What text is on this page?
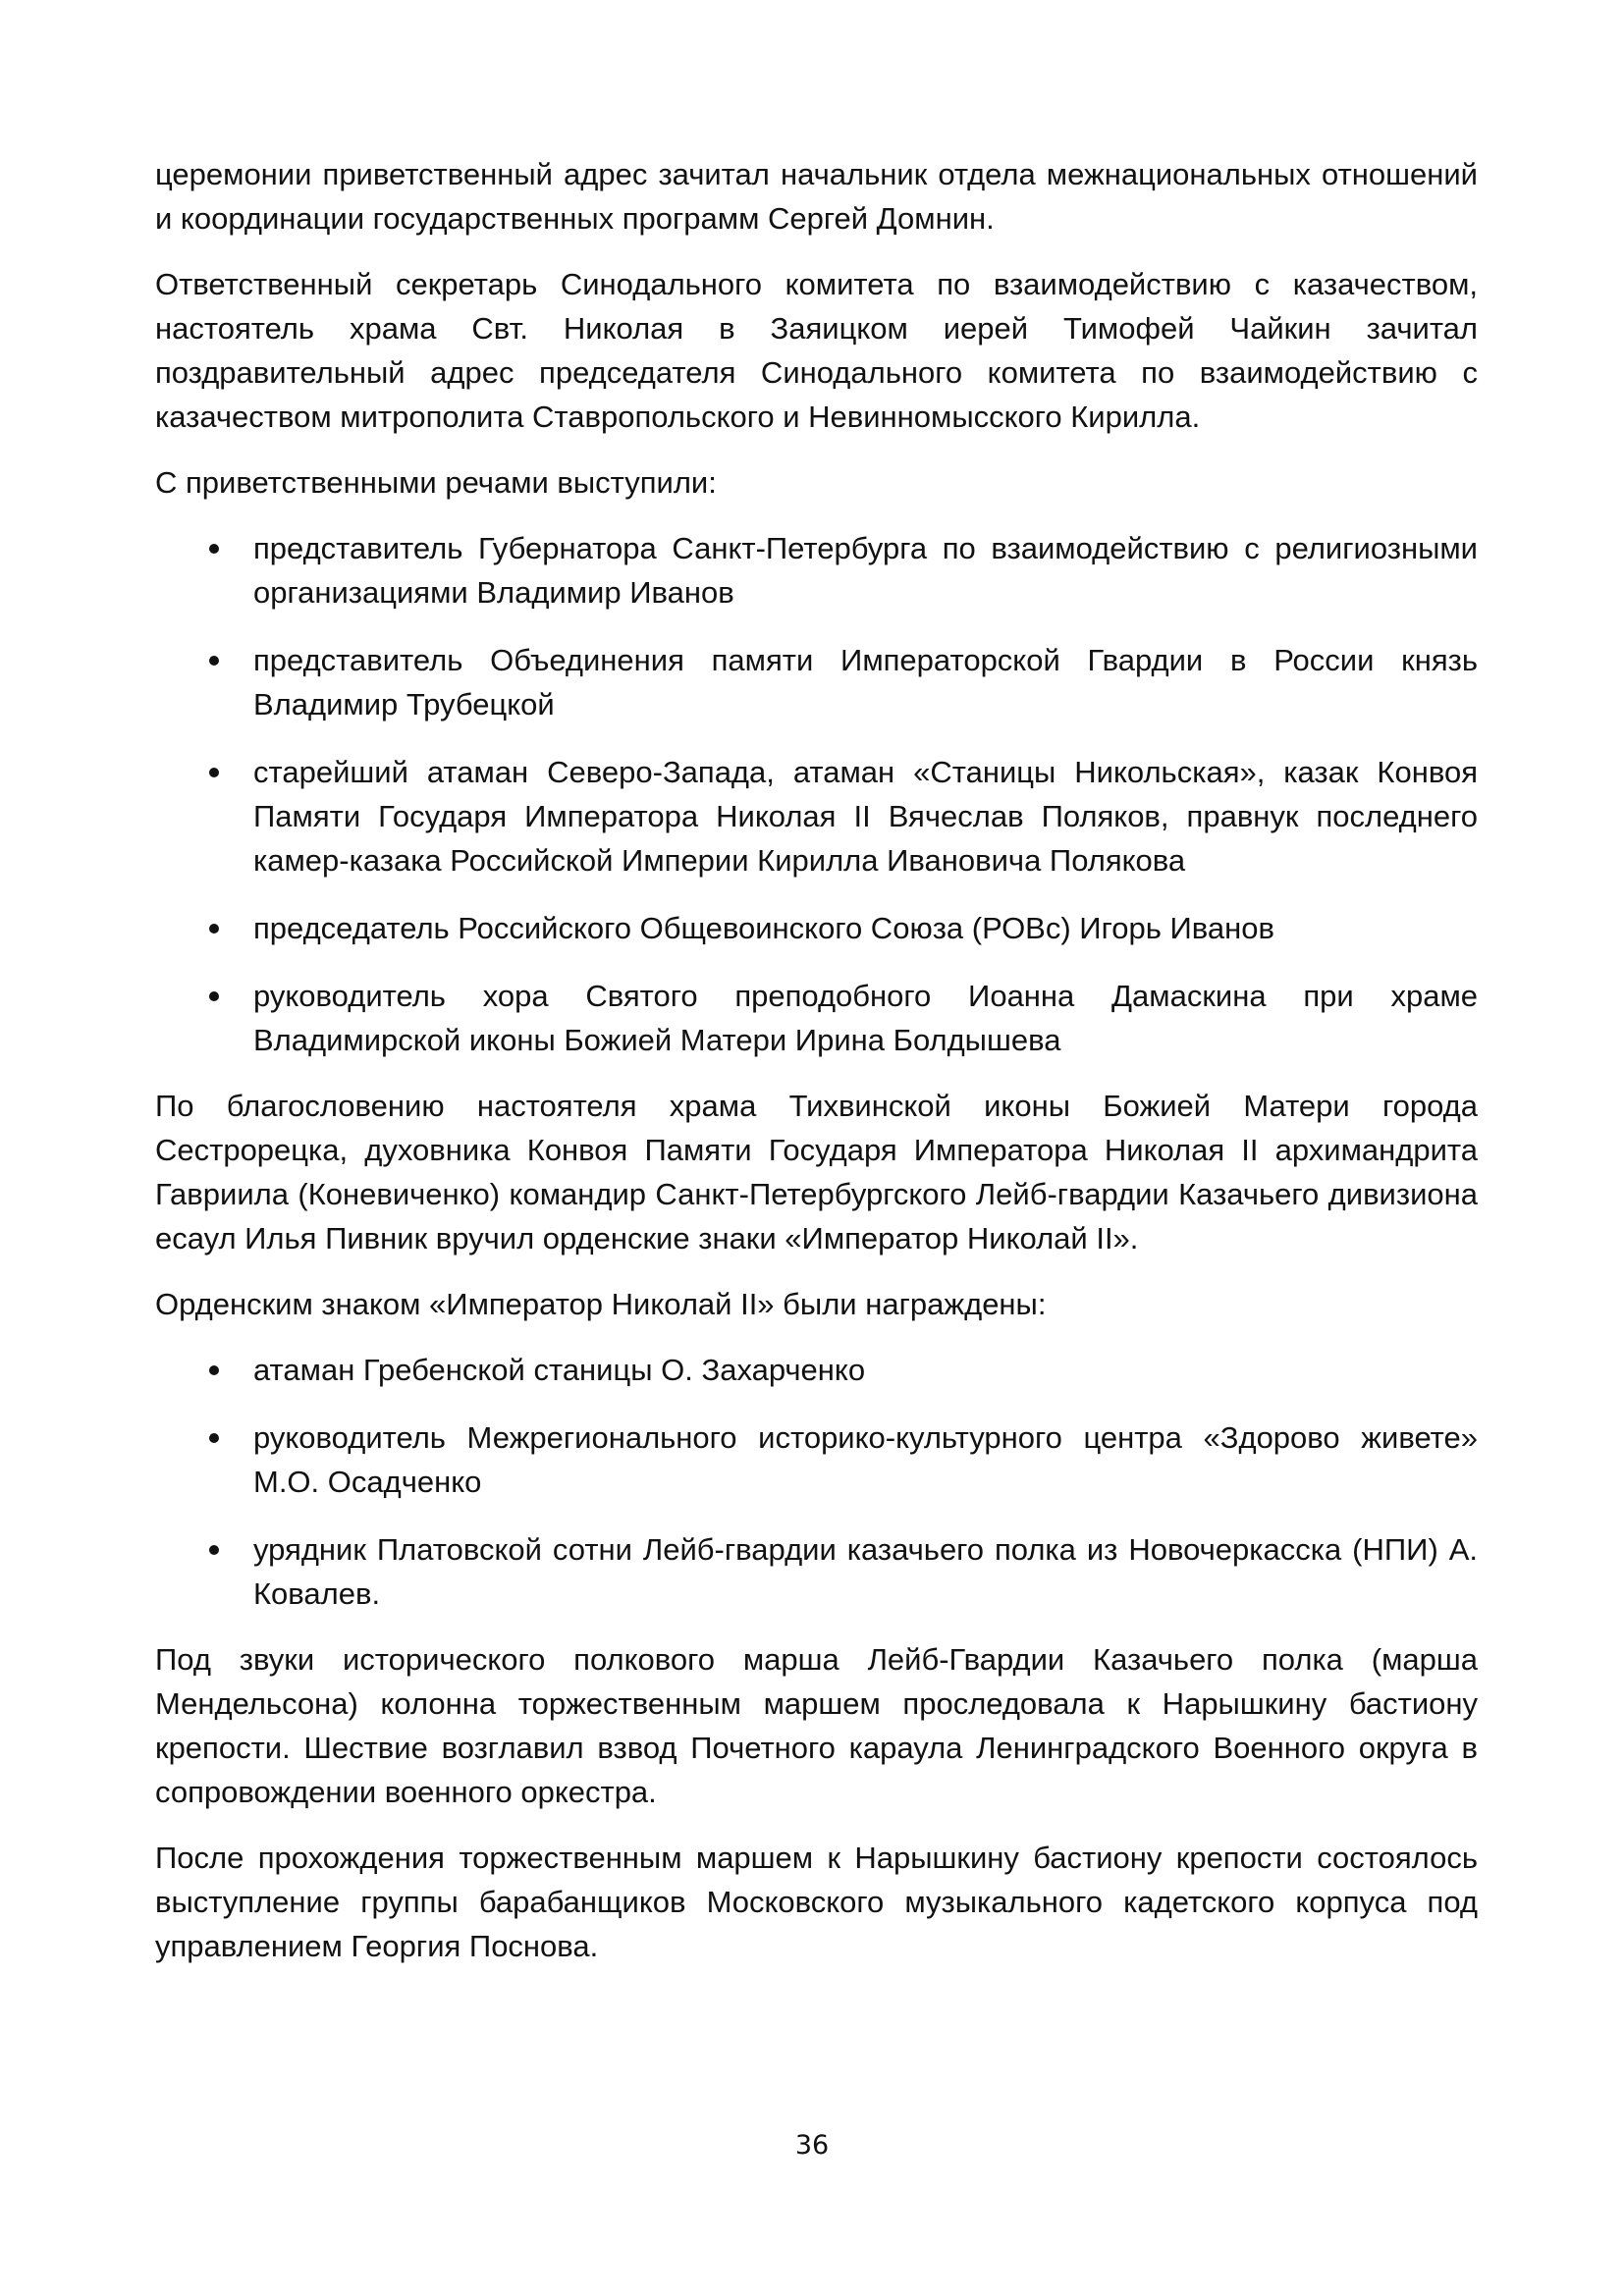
церемонии приветственный адрес зачитал начальник отдела межнациональных отношений и координации государственных программ Сергей Домнин.

Ответственный секретарь Синодального комитета по взаимодействию с казачеством, настоятель храма Свт. Николая в Заяицком иерей Тимофей Чайкин зачитал поздравительный адрес председателя Синодального комитета по взаимодействию с казачеством митрополита Ставропольского и Невинномысского Кирилла.

С приветственными речами выступили:

представитель Губернатора Санкт-Петербурга по взаимодействию с религиозными организациями Владимир Иванов
представитель Объединения памяти Императорской Гвардии в России князь Владимир Трубецкой
старейший атаман Северо-Запада, атаман «Станицы Никольская», казак Конвоя Памяти Государя Императора Николая II Вячеслав Поляков, правнук последнего камер-казака Российской Империи Кирилла Ивановича Полякова
председатель Российского Общевоинского Союза (РОВс) Игорь Иванов
руководитель хора Святого преподобного Иоанна Дамаскина при храме Владимирской иконы Божией Матери Ирина Болдышева

По благословению настоятеля храма Тихвинской иконы Божией Матери города Сестрорецка, духовника Конвоя Памяти Государя Императора Николая II архимандрита Гавриила (Коневиченко) командир Санкт-Петербургского Лейб-гвардии Казачьего дивизиона есаул Илья Пивник вручил орденские знаки «Император Николай II».

Орденским знаком «Император Николай II» были награждены:

атаман Гребенской станицы О. Захарченко
руководитель Межрегионального историко-культурного центра «Здорово живете» М.О. Осадченко
урядник Платовской сотни Лейб-гвардии казачьего полка из Новочеркасска (НПИ) А. Ковалев.

Под звуки исторического полкового марша Лейб-Гвардии Казачьего полка (марша Мендельсона) колонна торжественным маршем проследовала к Нарышкину бастиону крепости. Шествие возглавил взвод Почетного караула Ленинградского Военного округа в сопровождении военного оркестра.

После прохождения торжественным маршем к Нарышкину бастиону крепости состоялось выступление группы барабанщиков Московского музыкального кадетского корпуса под управлением Георгия Поснова.

36
